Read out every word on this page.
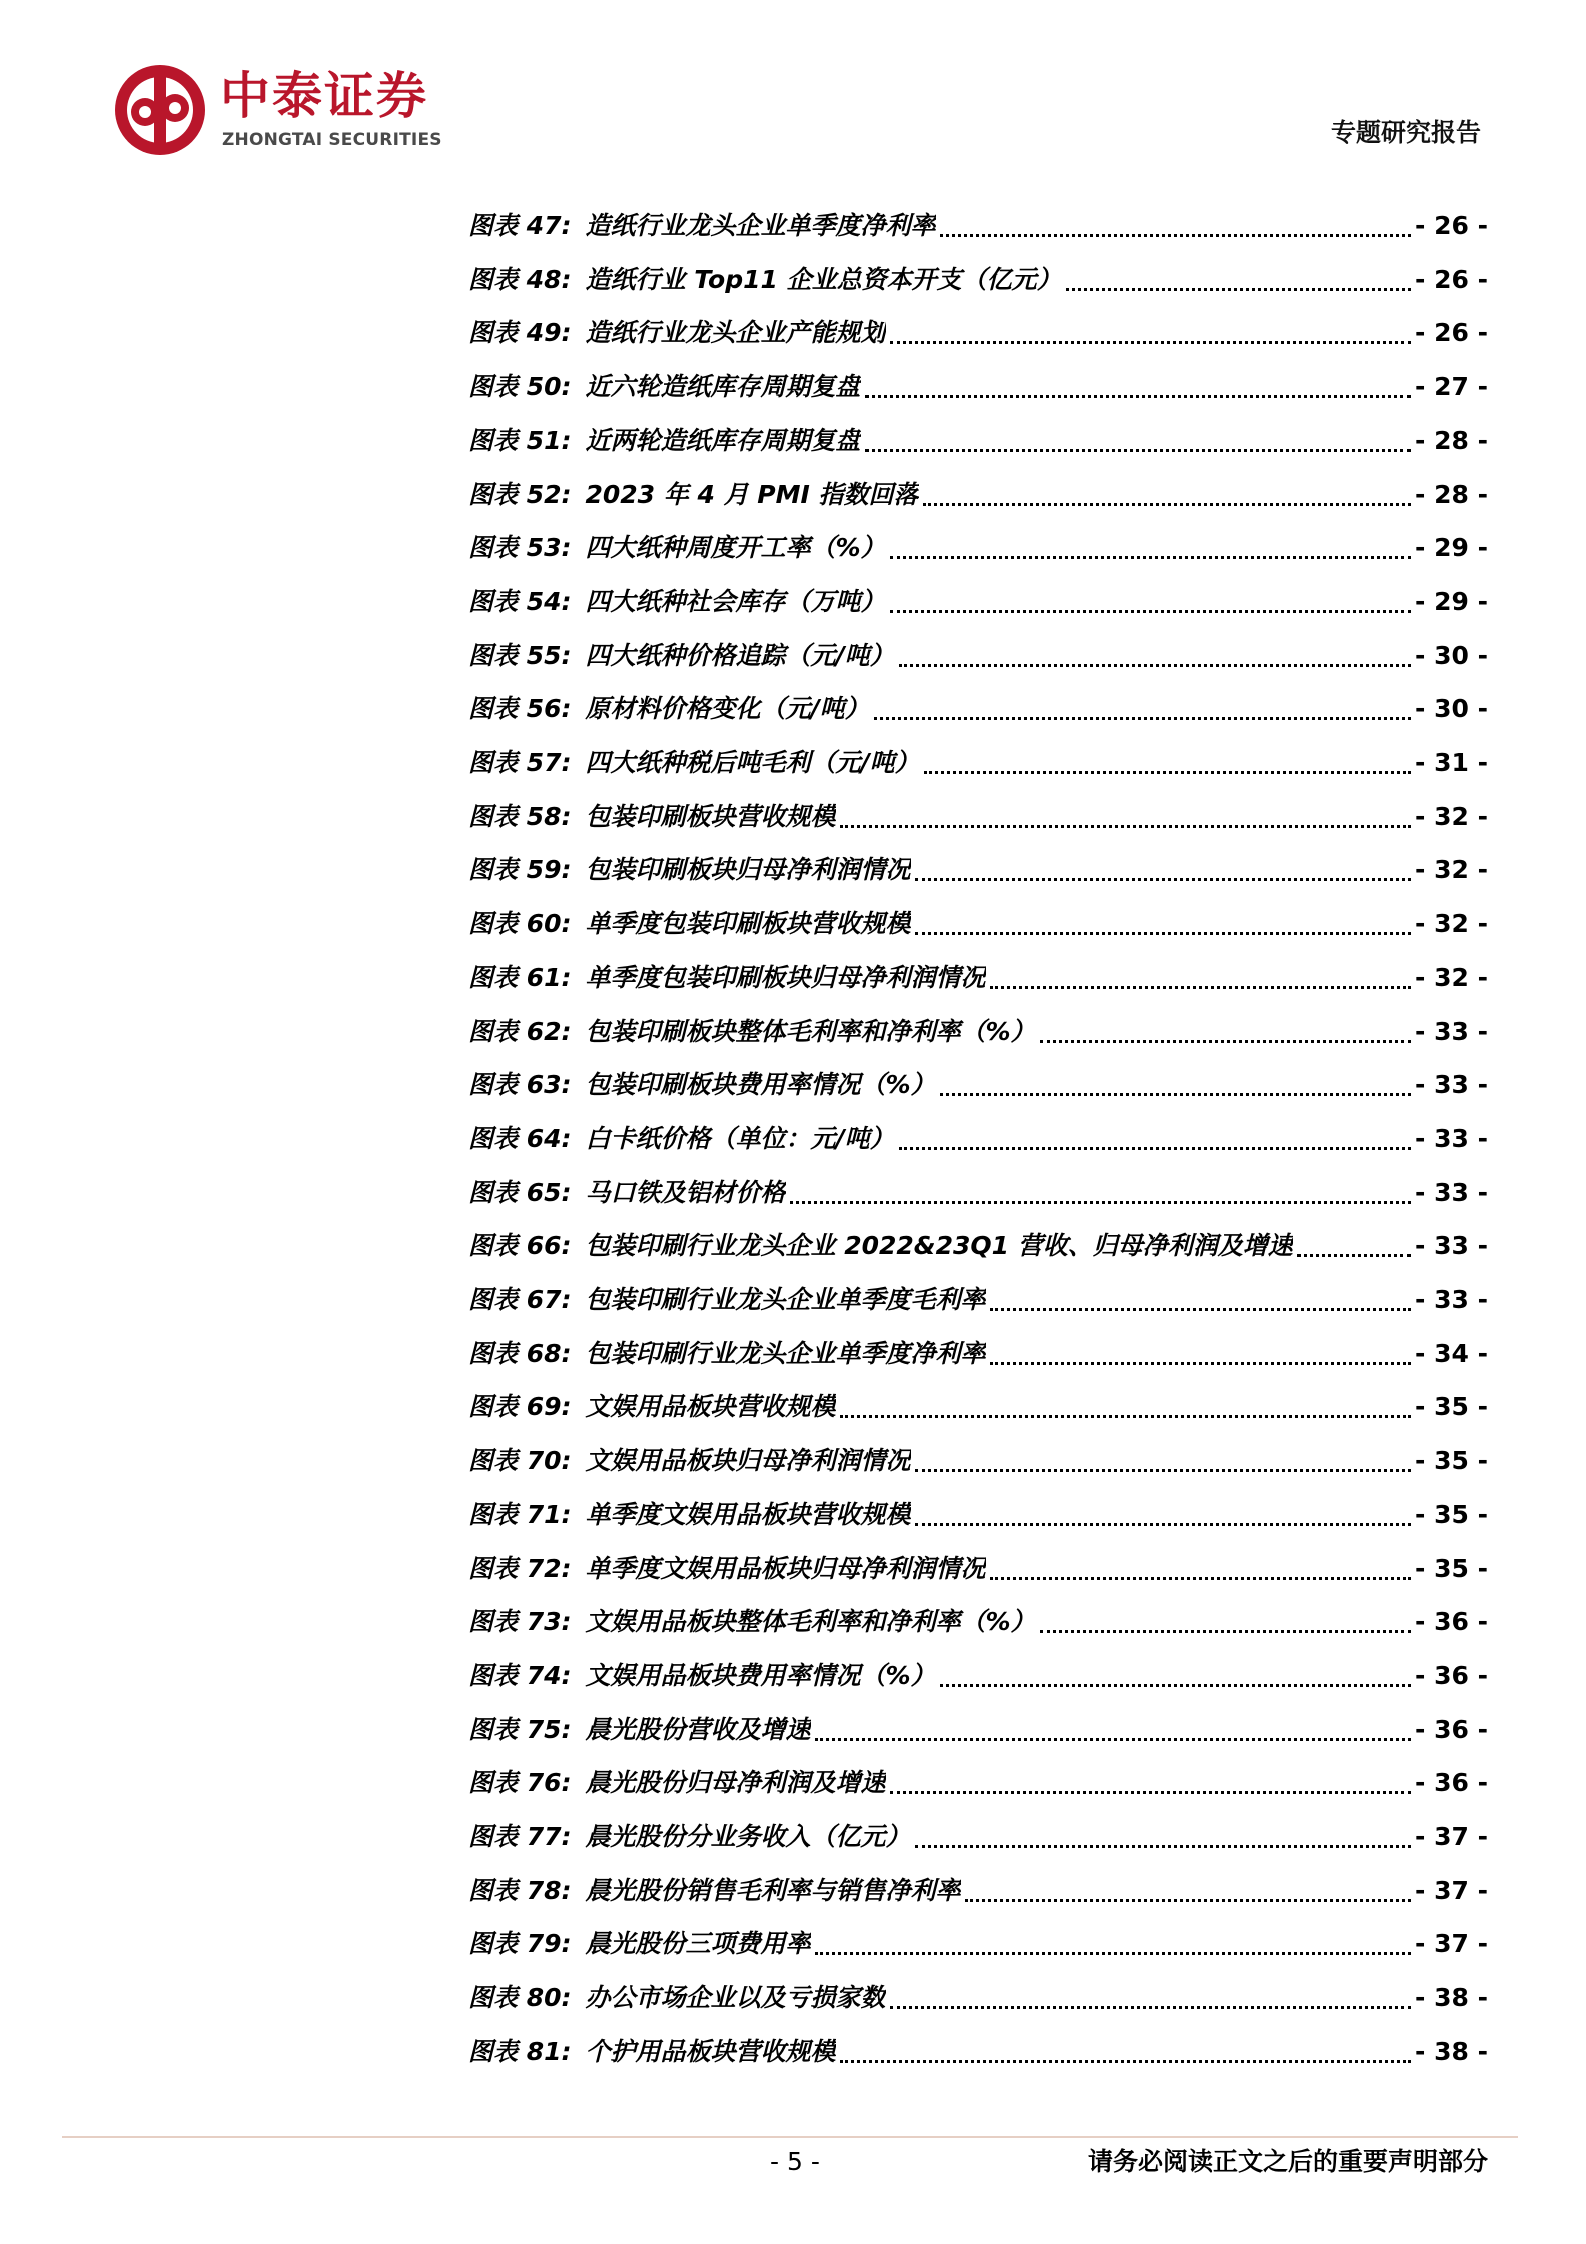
中泰证券
ZHONGTAI SECURITIES	专题研究报告
图表 47: 造纸行业龙头企业单季度净利率	- 26 -
图表 48: 造纸行业 Top11 企业总资本开支（亿元）	- 26 -
图表 49: 造纸行业龙头企业产能规划	- 26 -
图表 50: 近六轮造纸库存周期复盘	- 27 -
图表 51: 近两轮造纸库存周期复盘	- 28 -
图表 52: 2023 年 4 月 PMI 指数回落	- 28 -
图表 53: 四大纸种周度开工率（%）	- 29 -
图表 54: 四大纸种社会库存（万吨）	- 29 -
图表 55: 四大纸种价格追踪（元/吨）	- 30 -
图表 56: 原材料价格变化（元/吨）	- 30 -
图表 57: 四大纸种税后吨毛利（元/吨）	- 31 -
图表 58: 包装印刷板块营收规模	- 32 -
图表 59: 包装印刷板块归母净利润情况	- 32 -
图表 60: 单季度包装印刷板块营收规模	- 32 -
图表 61: 单季度包装印刷板块归母净利润情况	- 32 -
图表 62: 包装印刷板块整体毛利率和净利率（%）	- 33 -
图表 63: 包装印刷板块费用率情况（%）	- 33 -
图表 64: 白卡纸价格（单位：元/吨）	- 33 -
图表 65: 马口铁及铝材价格	- 33 -
图表 66: 包装印刷行业龙头企业 2022&23Q1 营收、归母净利润及增速	- 33 -
图表 67: 包装印刷行业龙头企业单季度毛利率	- 33 -
图表 68: 包装印刷行业龙头企业单季度净利率	- 34 -
图表 69: 文娱用品板块营收规模	- 35 -
图表 70: 文娱用品板块归母净利润情况	- 35 -
图表 71: 单季度文娱用品板块营收规模	- 35 -
图表 72: 单季度文娱用品板块归母净利润情况	- 35 -
图表 73: 文娱用品板块整体毛利率和净利率（%）	- 36 -
图表 74: 文娱用品板块费用率情况（%）	- 36 -
图表 75: 晨光股份营收及增速	- 36 -
图表 76: 晨光股份归母净利润及增速	- 36 -
图表 77: 晨光股份分业务收入（亿元）	- 37 -
图表 78: 晨光股份销售毛利率与销售净利率	- 37 -
图表 79: 晨光股份三项费用率	- 37 -
图表 80: 办公市场企业以及亏损家数	- 38 -
图表 81: 个护用品板块营收规模	- 38 -
- 5 -	请务必阅读正文之后的重要声明部分
